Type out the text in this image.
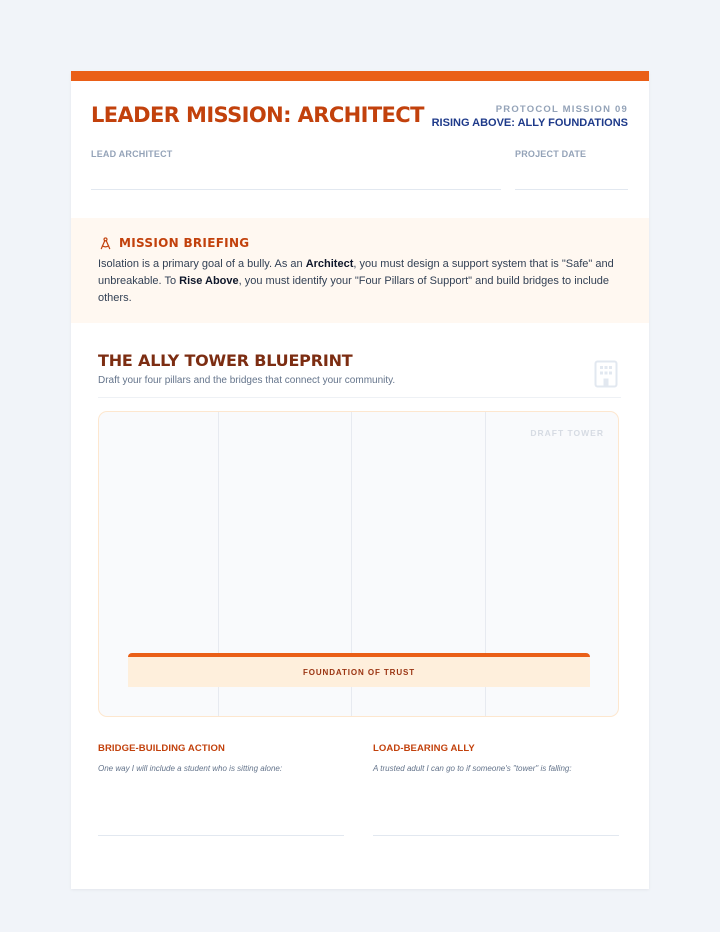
LEADER MISSION: ARCHITECT	PROTOCOL MISSION 09
RISING ABOVE: ALLY FOUNDATIONS
LEAD ARCHITECT	PROJECT DATE
MISSION BRIEFING
Isolation is a primary goal of a bully. As an Architect, you must design a support system that is "Safe" and unbreakable. To Rise Above, you must identify your "Four Pillars of Support" and build bridges to include others.
THE ALLY TOWER BLUEPRINT
Draft your four pillars and the bridges that connect your community.
DRAFT TOWER
FOUNDATION OF TRUST
BRIDGE-BUILDING ACTION
One way I will include a student who is sitting alone:
LOAD-BEARING ALLY
A trusted adult I can go to if someone's "tower" is falling:
